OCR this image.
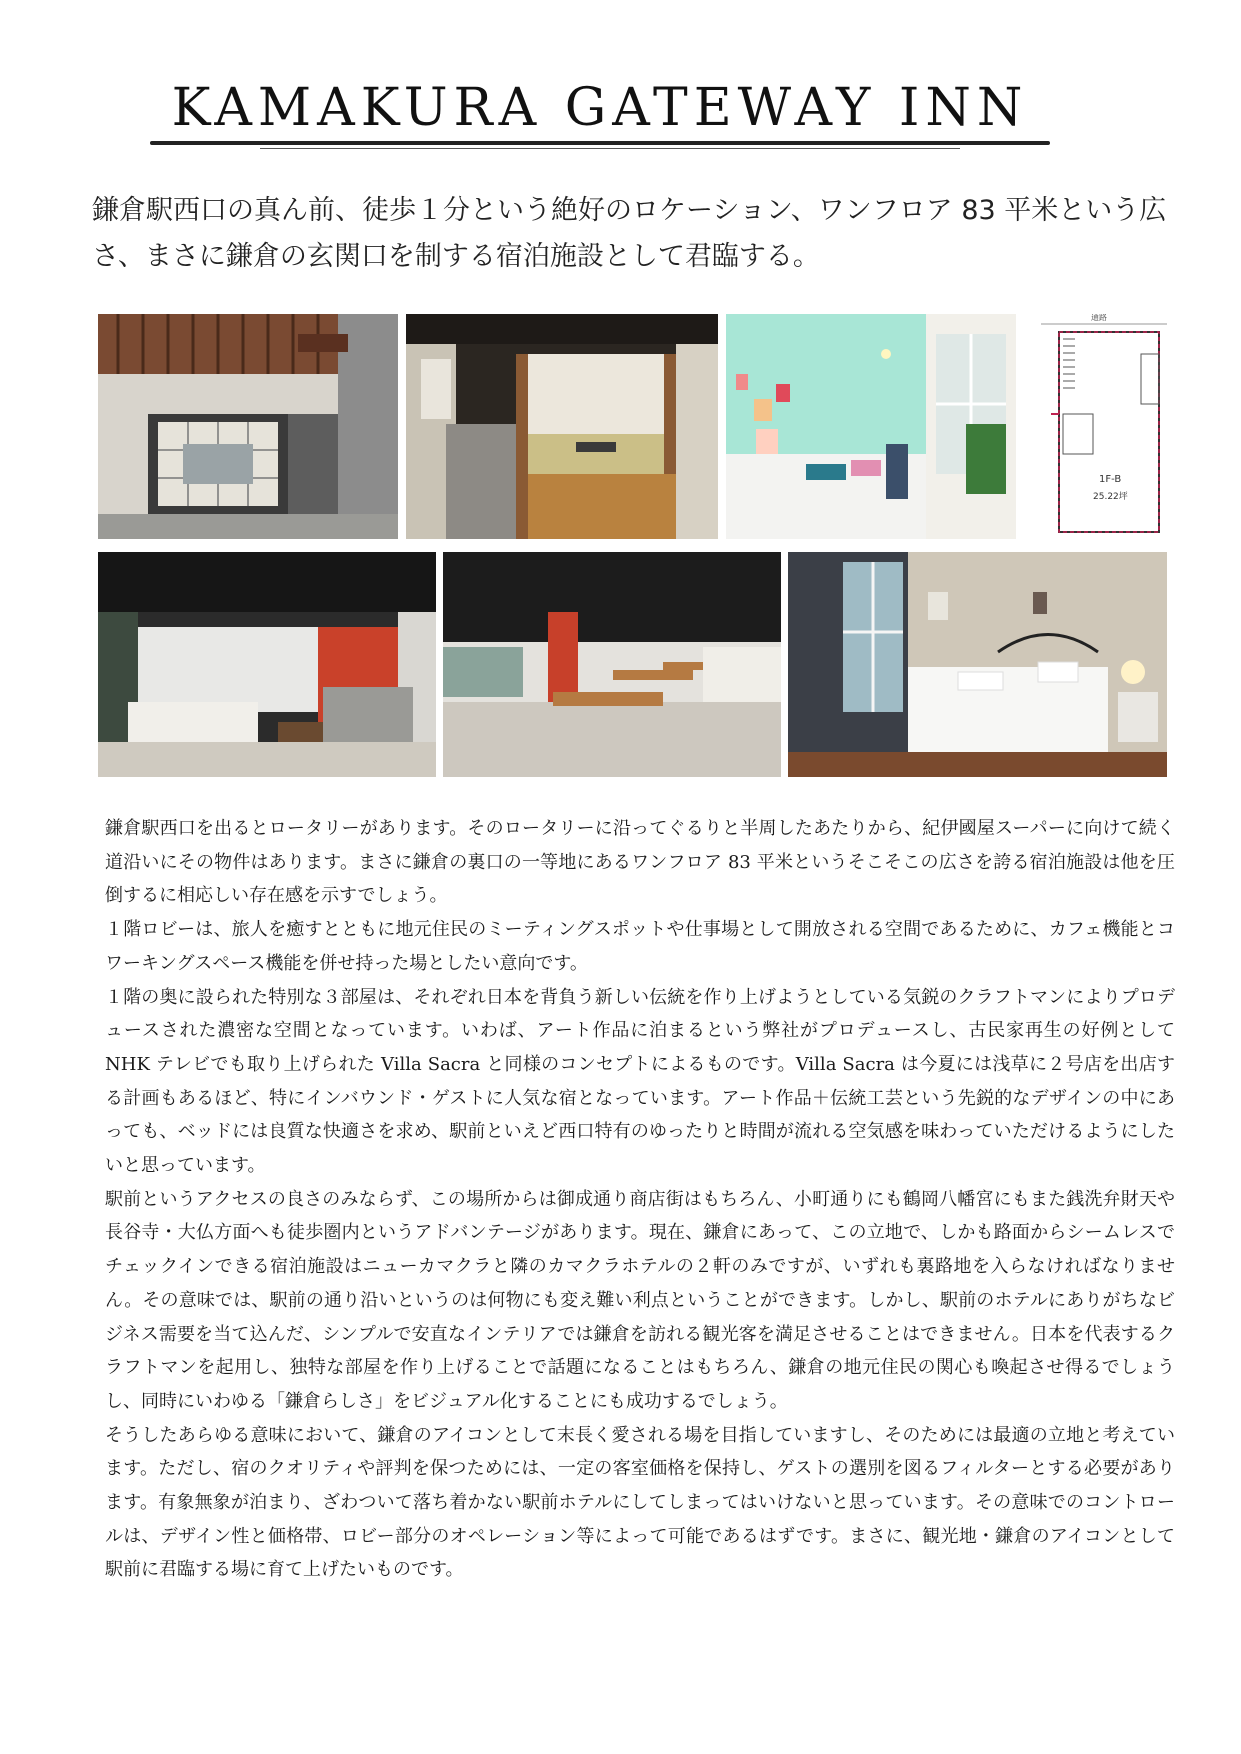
KAMAKURA GATEWAY INN

鎌倉駅西口の真ん前、徒歩１分という絶好のロケーション、ワンフロア 83 平米という広さ、まさに鎌倉の玄関口を制する宿泊施設として君臨する。

通路
1F-B
25.22坪

鎌倉駅西口を出るとロータリーがあります。そのロータリーに沿ってぐるりと半周したあたりから、紀伊國屋スーパーに向けて続く道沿いにその物件はあります。まさに鎌倉の裏口の一等地にあるワンフロア 83 平米というそこそこの広さを誇る宿泊施設は他を圧倒するに相応しい存在感を示すでしょう。

１階ロビーは、旅人を癒すとともに地元住民のミーティングスポットや仕事場として開放される空間であるために、カフェ機能とコワーキングスペース機能を併せ持った場としたい意向です。

１階の奥に設られた特別な３部屋は、それぞれ日本を背負う新しい伝統を作り上げようとしている気鋭のクラフトマンによりプロデュースされた濃密な空間となっています。いわば、アート作品に泊まるという弊社がプロデュースし、古民家再生の好例として NHK テレビでも取り上げられた Villa Sacra と同様のコンセプトによるものです。Villa Sacra は今夏には浅草に２号店を出店する計画もあるほど、特にインバウンド・ゲストに人気な宿となっています。アート作品＋伝統工芸という先鋭的なデザインの中にあっても、ベッドには良質な快適さを求め、駅前といえど西口特有のゆったりと時間が流れる空気感を味わっていただけるようにしたいと思っています。

駅前というアクセスの良さのみならず、この場所からは御成通り商店街はもちろん、小町通りにも鶴岡八幡宮にもまた銭洗弁財天や長谷寺・大仏方面へも徒歩圏内というアドバンテージがあります。現在、鎌倉にあって、この立地で、しかも路面からシームレスでチェックインできる宿泊施設はニューカマクラと隣のカマクラホテルの２軒のみですが、いずれも裏路地を入らなければなりません。その意味では、駅前の通り沿いというのは何物にも変え難い利点ということができます。しかし、駅前のホテルにありがちなビジネス需要を当て込んだ、シンプルで安直なインテリアでは鎌倉を訪れる観光客を満足させることはできません。日本を代表するクラフトマンを起用し、独特な部屋を作り上げることで話題になることはもちろん、鎌倉の地元住民の関心も喚起させ得るでしょうし、同時にいわゆる「鎌倉らしさ」をビジュアル化することにも成功するでしょう。

そうしたあらゆる意味において、鎌倉のアイコンとして末長く愛される場を目指していますし、そのためには最適の立地と考えています。ただし、宿のクオリティや評判を保つためには、一定の客室価格を保持し、ゲストの選別を図るフィルターとする必要があります。有象無象が泊まり、ざわついて落ち着かない駅前ホテルにしてしまってはいけないと思っています。その意味でのコントロールは、デザイン性と価格帯、ロビー部分のオペレーション等によって可能であるはずです。まさに、観光地・鎌倉のアイコンとして駅前に君臨する場に育て上げたいものです。
